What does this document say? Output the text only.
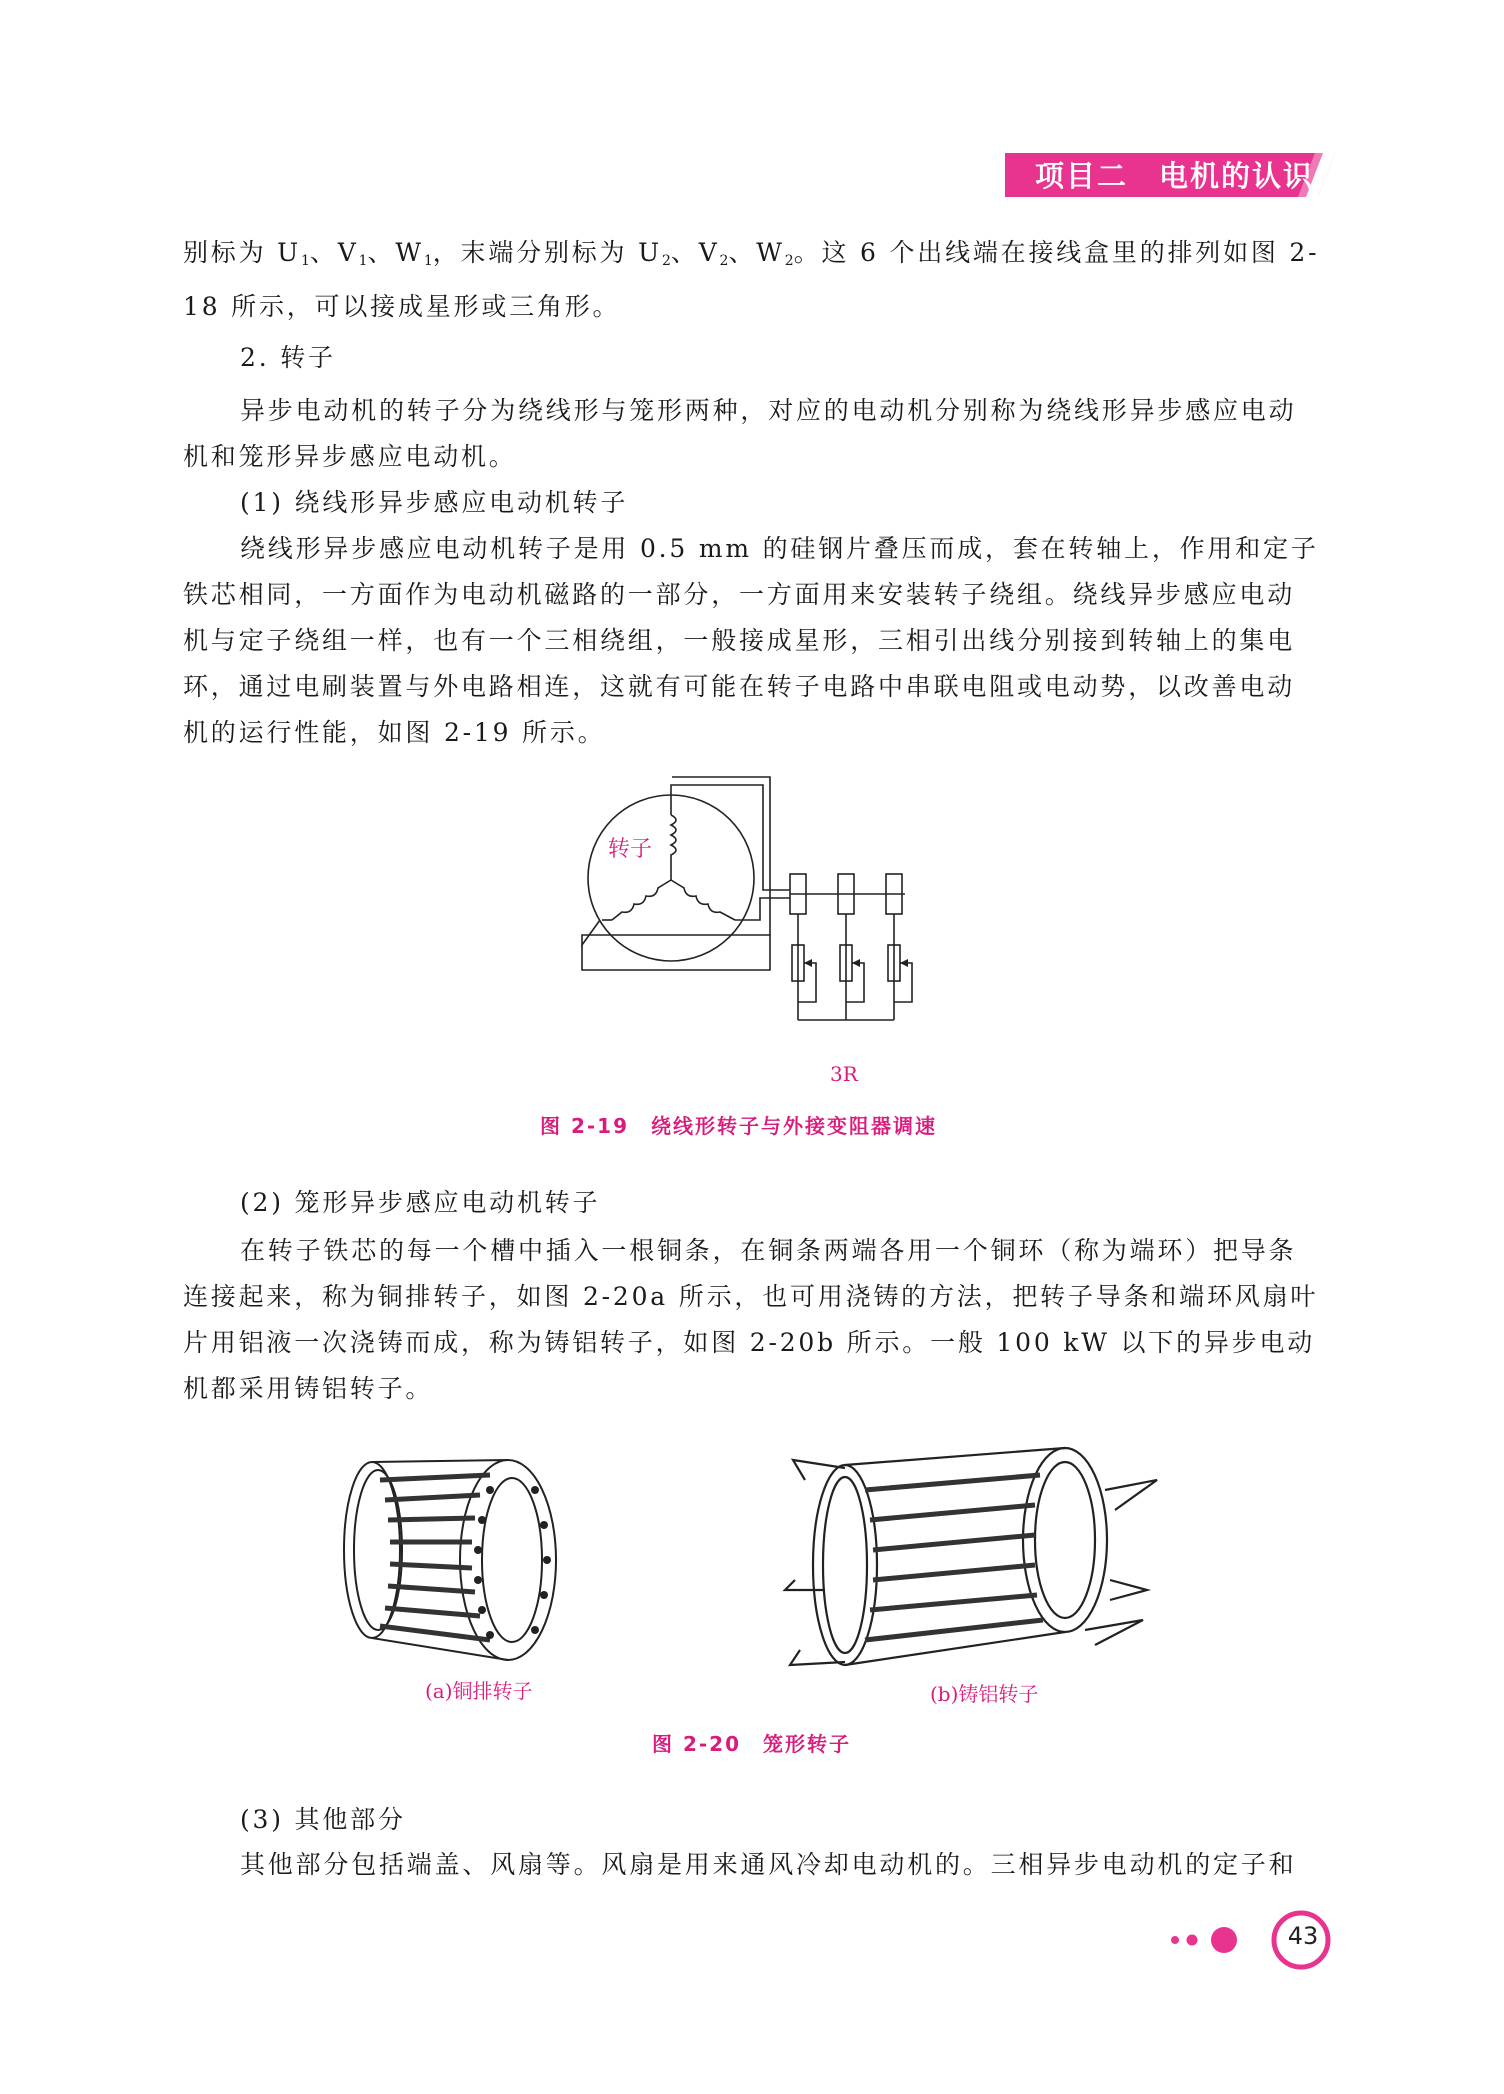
项目二　电机的认识

别标为 $U_1$、$V_1$、$W_1$，末端分别标为 $U_2$、$V_2$、$W_2$。这 6 个出线端在接线盒里的排列如图 2-18 所示，可以接成星形或三角形。

2. 转子

异步电动机的转子分为绕线形与笼形两种，对应的电动机分别称为绕线形异步感应电动机和笼形异步感应电动机。

(1) 绕线形异步感应电动机转子

绕线形异步感应电动机转子是用 0.5 mm 的硅钢片叠压而成，套在转轴上，作用和定子铁芯相同，一方面作为电动机磁路的一部分，一方面用来安装转子绕组。绕线异步感应电动机与定子绕组一样，也有一个三相绕组，一般接成星形，三相引出线分别接到转轴上的集电环，通过电刷装置与外电路相连，这就有可能在转子电路中串联电阻或电动势，以改善电动机的运行性能，如图 2-19 所示。

转子
3R
图 2-19　绕线形转子与外接变阻器调速

(2) 笼形异步感应电动机转子

在转子铁芯的每一个槽中插入一根铜条，在铜条两端各用一个铜环（称为端环）把导条连接起来，称为铜排转子，如图 2-20a 所示，也可用浇铸的方法，把转子导条和端环风扇叶片用铝液一次浇铸而成，称为铸铝转子，如图 2-20b 所示。一般 100 kW 以下的异步电动机都采用铸铝转子。

(a)铜排转子	(b)铸铝转子
图 2-20　笼形转子

(3) 其他部分

其他部分包括端盖、风扇等。风扇是用来通风冷却电动机的。三相异步电动机的定子和

43
